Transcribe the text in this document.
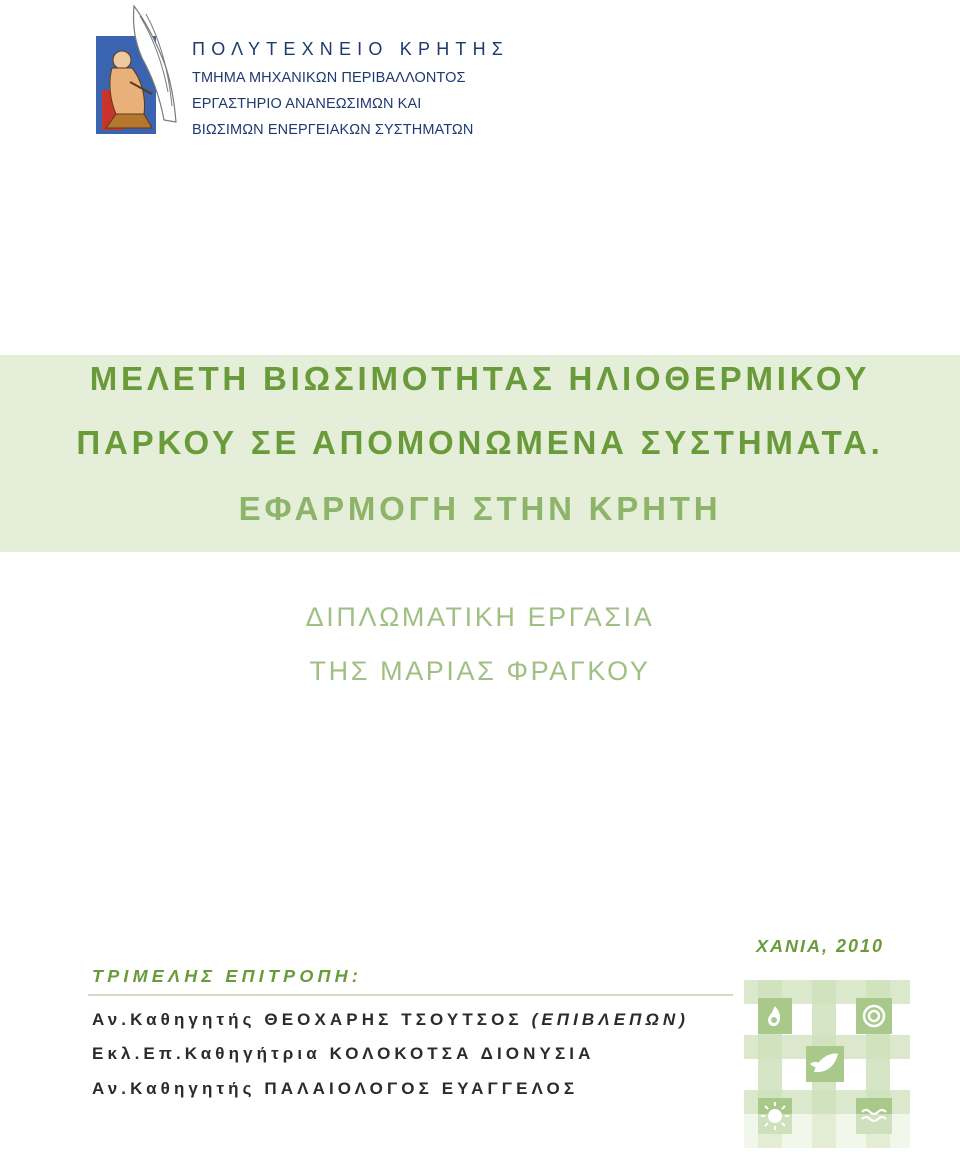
ΠΟΛΥΤΕΧΝΕΙΟ ΚΡΗΤΗΣ
ΤΜΗΜΑ ΜΗΧΑΝΙΚΩΝ ΠΕΡΙΒΑΛΛΟΝΤΟΣ
ΕΡΓΑΣΤΗΡΙΟ ΑΝΑΝΕΩΣΙΜΩΝ ΚΑΙ
ΒΙΩΣΙΜΩΝ ΕΝΕΡΓΕΙΑΚΩΝ ΣΥΣΤΗΜΑΤΩΝ
ΜΕΛΕΤΗ ΒΙΩΣΙΜΟΤΗΤΑΣ ΗΛΙΟΘΕΡΜΙΚΟΥ
ΠΑΡΚΟΥ ΣΕ ΑΠΟΜΟΝΩΜΕΝΑ ΣΥΣΤΗΜΑΤΑ.
ΕΦΑΡΜΟΓΗ ΣΤΗΝ ΚΡΗΤΗ
ΔΙΠΛΩΜΑΤΙΚΗ ΕΡΓΑΣΙΑ
ΤΗΣ ΜΑΡΙΑΣ ΦΡΑΓΚΟΥ
ΧΑΝΙΑ, 2010
ΤΡΙΜΕΛΗΣ ΕΠΙΤΡΟΠΗ:
Αν.Καθηγητής ΘΕΟΧΑΡΗΣ ΤΣΟΥΤΣΟΣ (ΕΠΙΒΛΕΠΩΝ)
Εκλ.Επ.Καθηγήτρια ΚΟΛΟΚΟΤΣΑ ΔΙΟΝΥΣΙΑ
Αν.Καθηγητής ΠΑΛΑΙΟΛΟΓΟΣ ΕΥΑΓΓΕΛΟΣ
